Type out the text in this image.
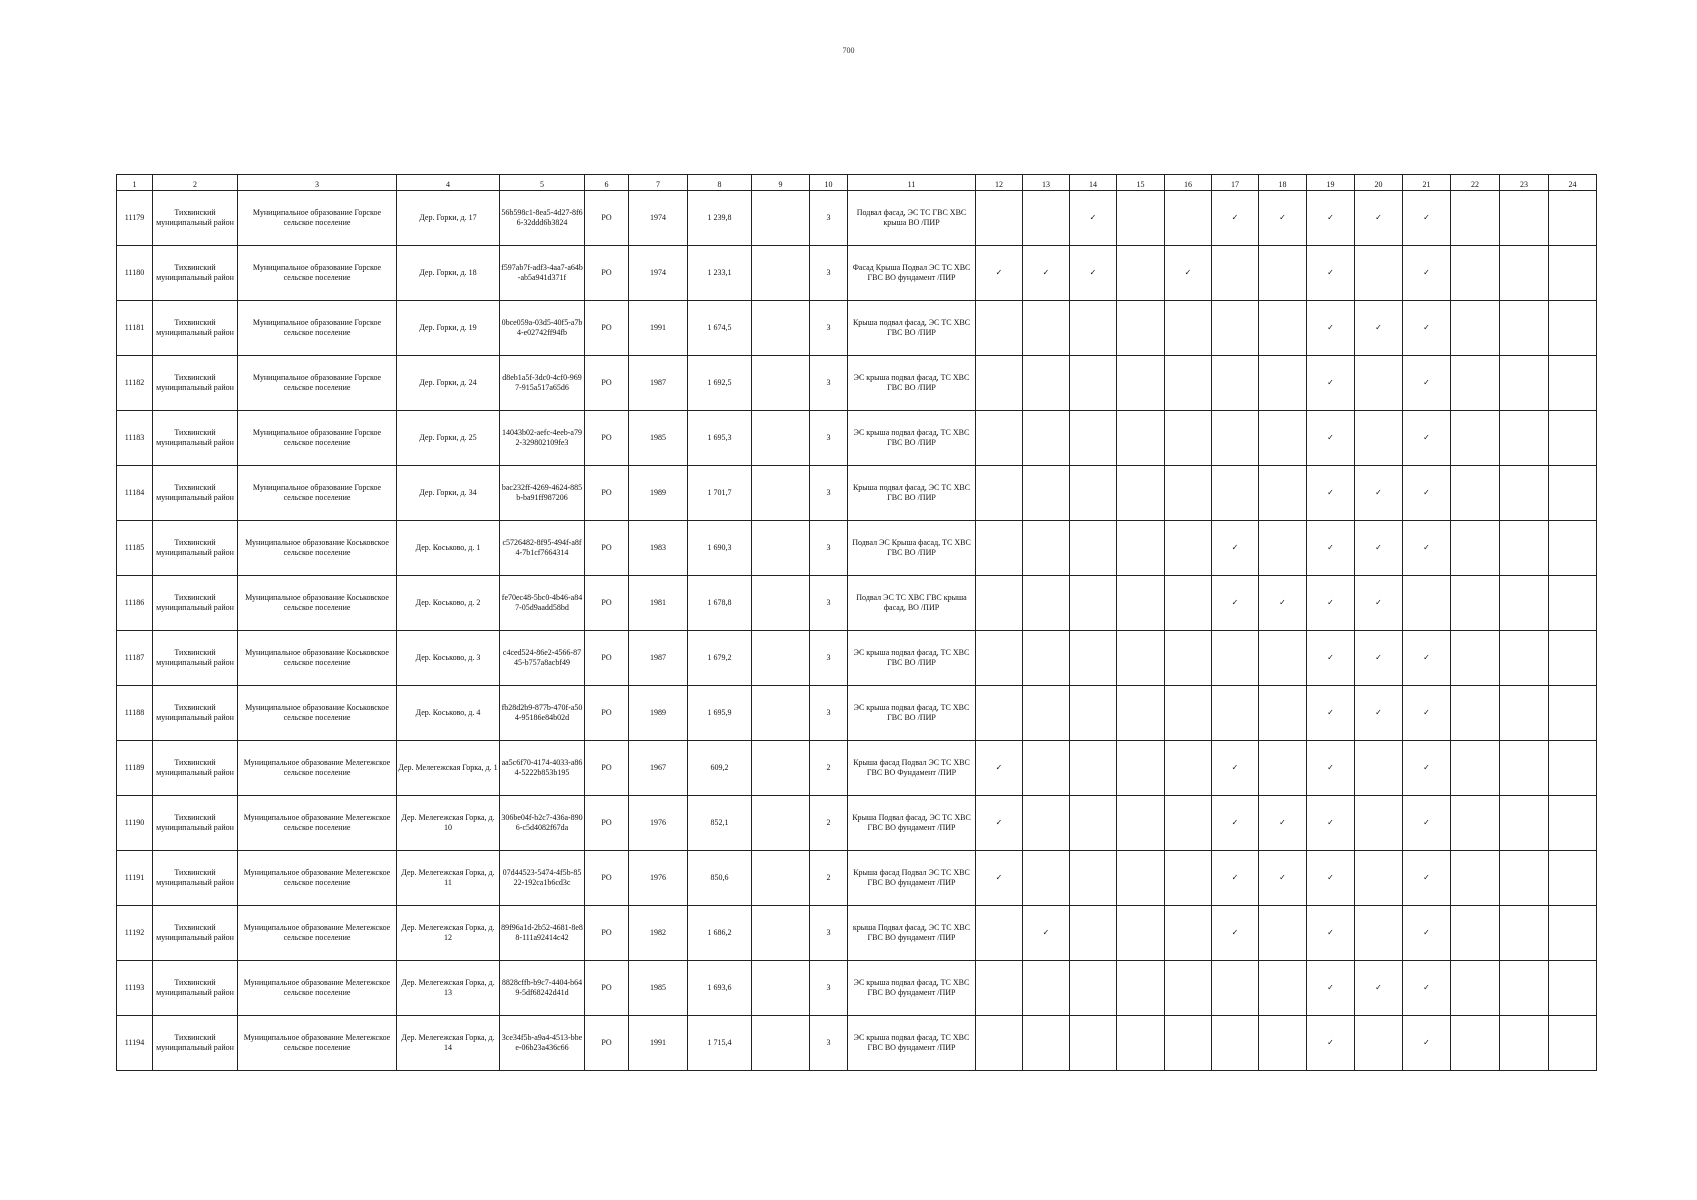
700
1	2	3	4	5	6	7	8	9	10	11	12	13	14	15	16	17	18	19	20	21	22	23	24
11179	Тихвинский муниципальный район	Муниципальное образование Горское сельское поселение	Дер. Горки, д. 17	56b598c1-8ea5-4d27-8f66-32ddd6b3824	РО	1974	1 239,8		3	Подвал фасад, ЭС ТС ГВС ХВС крыша ВО /ПИР			✓			✓	✓	✓	✓	✓			
11180	Тихвинский муниципальный район	Муниципальное образование Горское сельское поселение	Дер. Горки, д. 18	f597ab7f-adf3-4aa7-a64b-ab5a941d371f	РО	1974	1 233,1		3	Фасад Крыша Подвал ЭС ТС ХВС ГВС ВО фундамент /ПИР	✓	✓	✓		✓			✓		✓			
11181	Тихвинский муниципальный район	Муниципальное образование Горское сельское поселение	Дер. Горки, д. 19	0bce059a-03d5-40f5-a7b4-e02742ff94fb	РО	1991	1 674,5		3	Крыша подвал фасад, ЭС ТС ХВС ГВС ВО /ПИР								✓	✓	✓			
11182	Тихвинский муниципальный район	Муниципальное образование Горское сельское поселение	Дер. Горки, д. 24	d8eb1a5f-3dc0-4cf0-9697-915a517a65d6	РО	1987	1 692,5		3	ЭС крыша подвал фасад, ТС ХВС ГВС ВО /ПИР								✓		✓			
11183	Тихвинский муниципальный район	Муниципальное образование Горское сельское поселение	Дер. Горки, д. 25	14043b02-aefc-4eeb-a792-329802109fe3	РО	1985	1 695,3		3	ЭС крыша подвал фасад, ТС ХВС ГВС ВО /ПИР								✓		✓			
11184	Тихвинский муниципальный район	Муниципальное образование Горское сельское поселение	Дер. Горки, д. 34	bac232ff-4269-4624-885b-ba91ff987206	РО	1989	1 701,7		3	Крыша подвал фасад, ЭС ТС ХВС ГВС ВО /ПИР								✓	✓	✓			
11185	Тихвинский муниципальный район	Муниципальное образование Коськовское сельское поселение	Дер. Коськово, д. 1	c5726482-8f95-494f-a8f4-7b1cf7664314	РО	1983	1 690,3		3	Подвал ЭС Крыша фасад, ТС ХВС ГВС ВО /ПИР						✓		✓	✓	✓			
11186	Тихвинский муниципальный район	Муниципальное образование Коськовское сельское поселение	Дер. Коськово, д. 2	fe70ec48-5bc0-4b46-a847-05d9aadd58bd	РО	1981	1 678,8		3	Подвал ЭС ТС ХВС ГВС крыша фасад, ВО /ПИР						✓	✓	✓	✓				
11187	Тихвинский муниципальный район	Муниципальное образование Коськовское сельское поселение	Дер. Коськово, д. 3	c4ced524-86e2-4566-8745-b757a8acbf49	РО	1987	1 679,2		3	ЭС крыша подвал фасад, ТС ХВС ГВС ВО /ПИР								✓	✓	✓			
11188	Тихвинский муниципальный район	Муниципальное образование Коськовское сельское поселение	Дер. Коськово, д. 4	fb28d2b9-877b-470f-a504-95186e84b02d	РО	1989	1 695,9		3	ЭС крыша подвал фасад, ТС ХВС ГВС ВО /ПИР								✓	✓	✓			
11189	Тихвинский муниципальный район	Муниципальное образование Мелегежское сельское поселение	Дер. Мелегежская Горка, д. 1	aa5c6f70-4174-4033-a864-5222b853b195	РО	1967	609,2		2	Крыша фасад Подвал ЭС ТС ХВС ГВС ВО Фундамент /ПИР	✓					✓		✓		✓			
11190	Тихвинский муниципальный район	Муниципальное образование Мелегежское сельское поселение	Дер. Мелегежская Горка, д. 10	306be04f-b2c7-436a-8906-c5d4082f67da	РО	1976	852,1		2	Крыша Подвал фасад, ЭС ТС ХВС ГВС ВО фундамент /ПИР	✓					✓	✓	✓		✓			
11191	Тихвинский муниципальный район	Муниципальное образование Мелегежское сельское поселение	Дер. Мелегежская Горка, д. 11	07d44523-5474-4f5b-8522-192ca1b6cd3c	РО	1976	850,6		2	Крыша фасад Подвал ЭС ТС ХВС ГВС ВО фундамент /ПИР	✓					✓	✓	✓		✓			
11192	Тихвинский муниципальный район	Муниципальное образование Мелегежское сельское поселение	Дер. Мелегежская Горка, д. 12	89f96a1d-2b52-4681-8e88-111a92414c42	РО	1982	1 686,2		3	крыша Подвал фасад, ЭС ТС ХВС ГВС ВО фундамент /ПИР		✓				✓		✓		✓			
11193	Тихвинский муниципальный район	Муниципальное образование Мелегежское сельское поселение	Дер. Мелегежская Горка, д. 13	8828cffb-b9c7-4404-b649-5df68242d41d	РО	1985	1 693,6		3	ЭС крыша подвал фасад, ТС ХВС ГВС ВО фундамент /ПИР								✓	✓	✓			
11194	Тихвинский муниципальный район	Муниципальное образование Мелегежское сельское поселение	Дер. Мелегежская Горка, д. 14	3ce34f5b-a9a4-4513-bbee-06b23a436c66	РО	1991	1 715,4		3	ЭС крыша подвал фасад, ТС ХВС ГВС ВО фундамент /ПИР								✓		✓			
